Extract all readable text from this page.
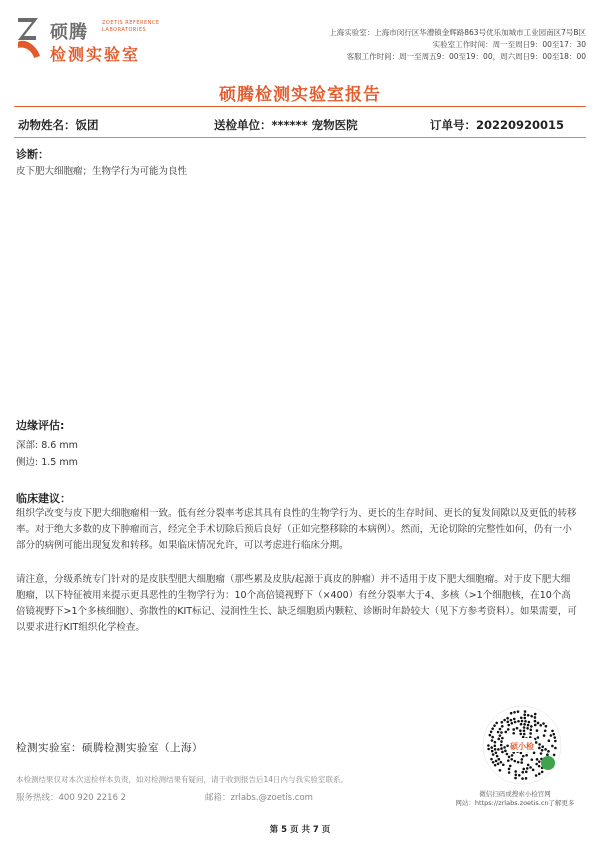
硕腾
检测实验室
ZOETIS REFERENCE
LABORATORIES	上海实验室：上海市闵行区华漕镇金辉路863号优乐加城市工业园南区7号B区
实验室工作时间：周一至周日9：00至17：30
客服工作时间：周一至周五9：00至19：00，周六周日9：00至18：00
硕腾检测实验室报告
动物姓名：饭团	送检单位：****** 宠物医院	订单号：20220920015
诊断：
皮下肥大细胞瘤；生物学行为可能为良性
边缘评估:
深部: 8.6 mm
侧边: 1.5 mm
临床建议：
组织学改变与皮下肥大细胞瘤相一致。低有丝分裂率考虑其具有良性的生物学行为、更长的生存时间、更长的复发间隙以及更低的转移率。对于绝大多数的皮下肿瘤而言，经完全手术切除后预后良好（正如完整移除的本病例）。然而，无论切除的完整性如何，仍有一小部分的病例可能出现复发和转移。如果临床情况允许，可以考虑进行临床分期。
请注意，分级系统专门针对的是皮肤型肥大细胞瘤（那些累及皮肤/起源于真皮的肿瘤）并不适用于皮下肥大细胞瘤。对于皮下肥大细胞瘤，以下特征被用来提示更具恶性的生物学行为：10个高倍镜视野下（×400）有丝分裂率大于4、多核（>1个细胞核，在10个高倍镜视野下>1个多核细胞）、弥散性的KIT标记、浸润性生长、缺乏细胞质内颗粒、诊断时年龄较大（见下方参考资料）。如果需要，可以要求进行KIT组织化学检查。
检测实验室：硕腾检测实验室（上海）
本检测结果仅对本次送检样本负责，如对检测结果有疑问，请于收到报告后14日内与我实验室联系。
服务热线：400 920 2216 2	邮箱：zrlabs.@zoetis.com
硕小检
微信扫码或搜索小检官网
网站：https://zrlabs.zoetis.cn了解更多
第 5 页 共 7 页
